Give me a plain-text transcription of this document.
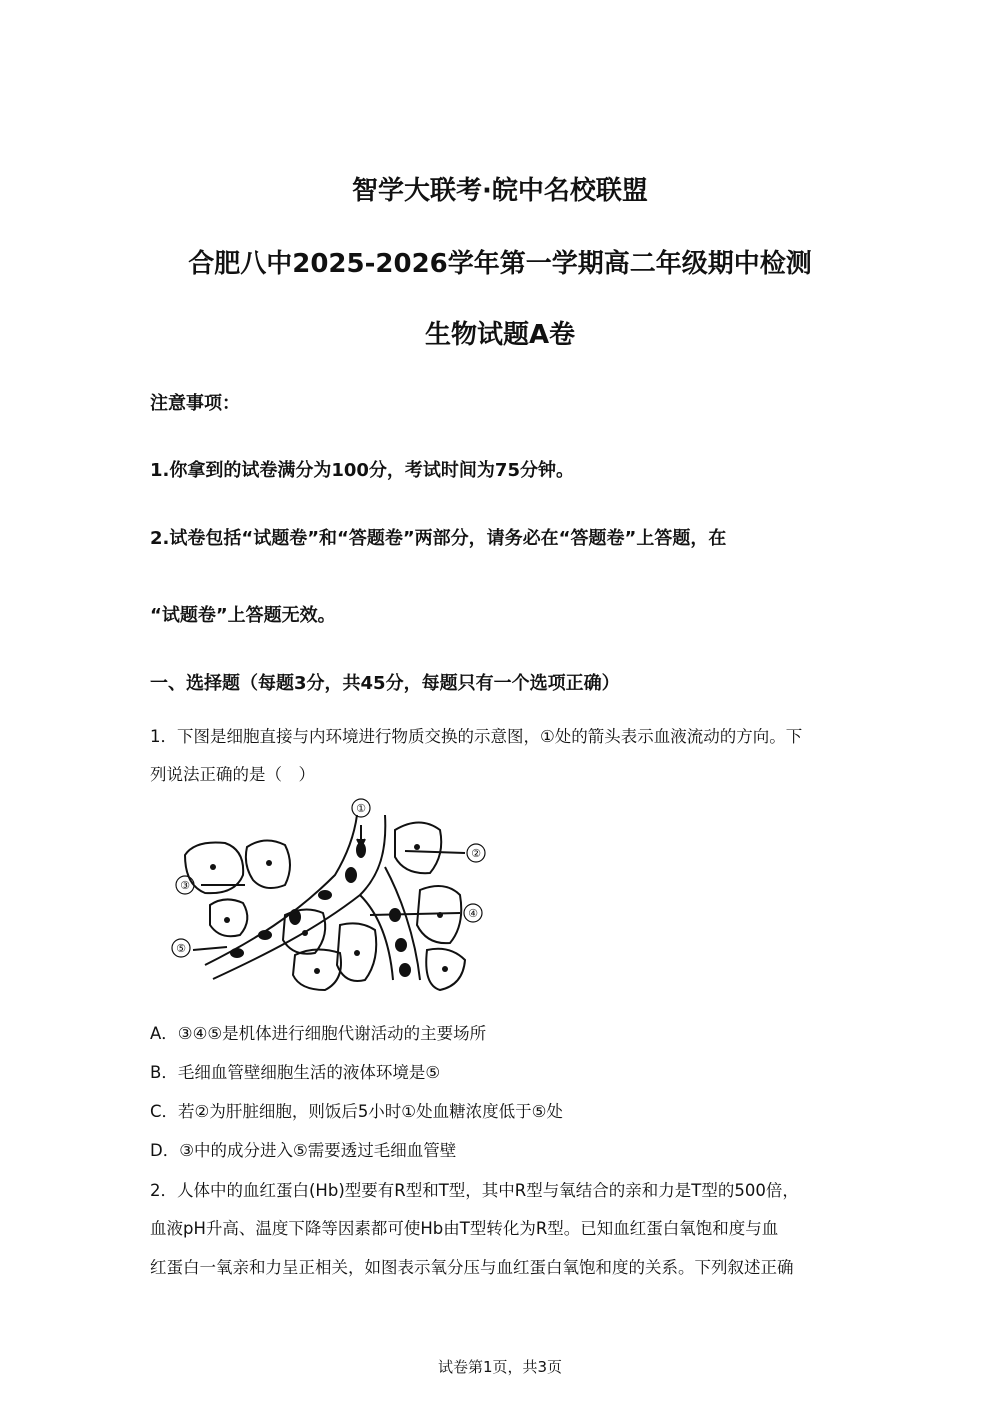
智学大联考·皖中名校联盟
合肥八中2025-2026学年第一学期高二年级期中检测
生物试题A卷
注意事项：
1.你拿到的试卷满分为100分，考试时间为75分钟。
2.试卷包括“试题卷”和“答题卷”两部分，请务必在“答题卷”上答题，在
“试题卷”上答题无效。
一、选择题（每题3分，共45分，每题只有一个选项正确）
1．下图是细胞直接与内环境进行物质交换的示意图，①处的箭头表示血液流动的方向。下
列说法正确的是（　）
①
②
③
④
⑤
A．③④⑤是机体进行细胞代谢活动的主要场所
B．毛细血管壁细胞生活的液体环境是⑤
C．若②为肝脏细胞，则饭后5小时①处血糖浓度低于⑤处
D．③中的成分进入⑤需要透过毛细血管壁
2．人体中的血红蛋白(Hb)型要有R型和T型，其中R型与氧结合的亲和力是T型的500倍，
血液pH升高、温度下降等因素都可使Hb由T型转化为R型。已知血红蛋白氧饱和度与血
红蛋白一氧亲和力呈正相关，如图表示氧分压与血红蛋白氧饱和度的关系。下列叙述正确
试卷第1页，共3页
